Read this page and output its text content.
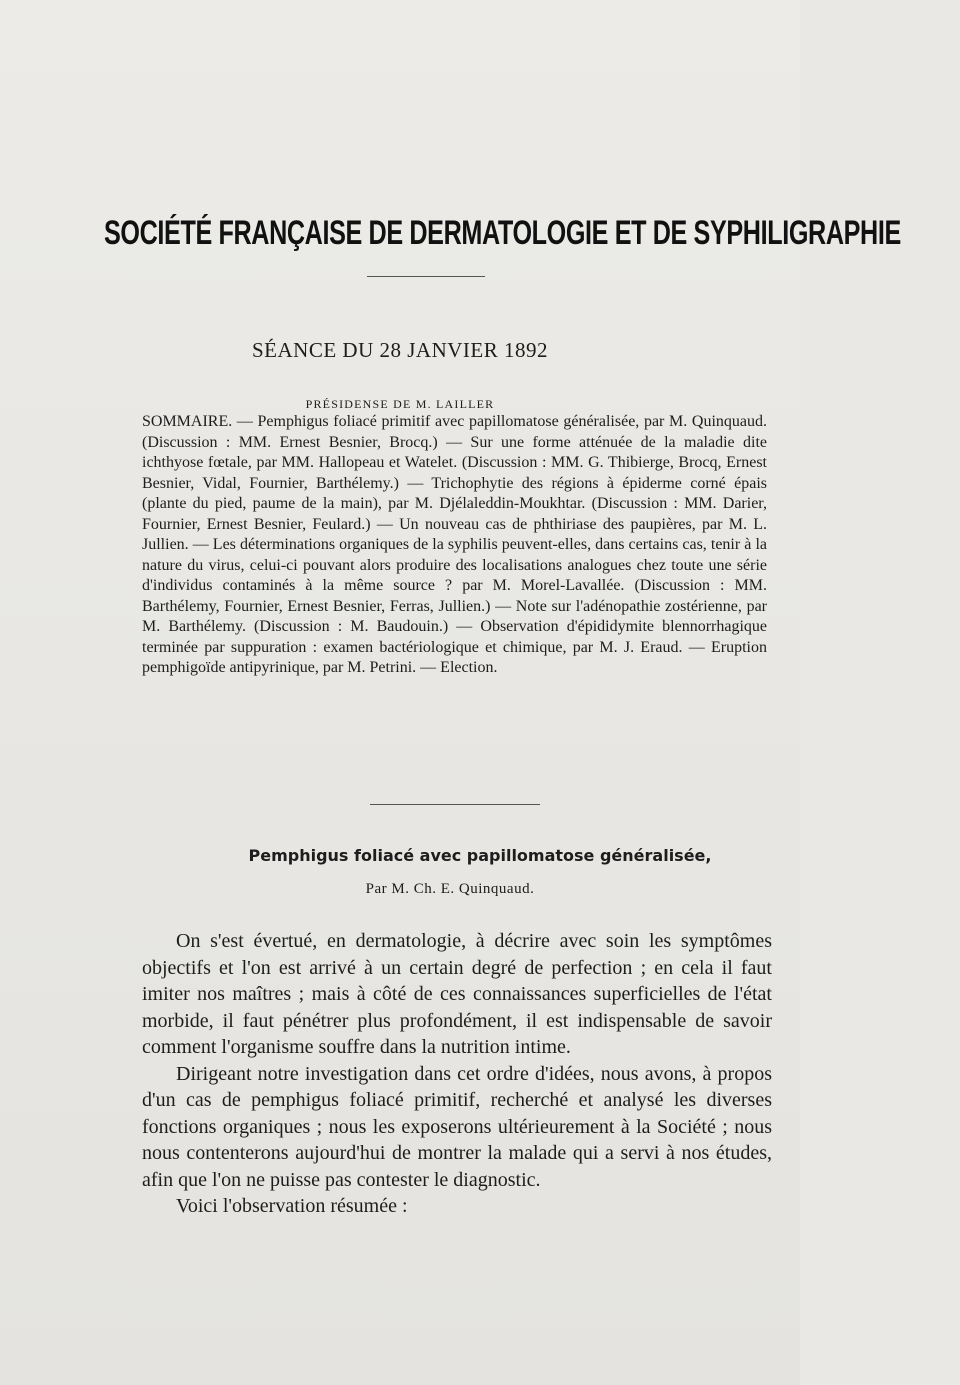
SOCIÉTÉ FRANÇAISE DE DERMATOLOGIE ET DE SYPHILIGRAPHIE
SÉANCE DU 28 JANVIER 1892
PRÉSIDENSE DE M. LAILLER

SOMMAIRE. — Pemphigus foliacé primitif avec papillomatose généralisée, par M. Quinquaud. (Discussion : MM. Ernest Besnier, Brocq.) — Sur une forme atténuée de la maladie dite ichthyose fœtale, par MM. Hallopeau et Watelet. (Discussion : MM. G. Thibierge, Brocq, Ernest Besnier, Vidal, Fournier, Barthélemy.) — Trichophytie des régions à épiderme corné épais (plante du pied, paume de la main), par M. Djélaleddin-Moukhtar. (Discussion : MM. Darier, Fournier, Ernest Besnier, Feulard.) — Un nouveau cas de phthiriase des paupières, par M. L. Jullien. — Les déterminations organiques de la syphilis peuvent-elles, dans certains cas, tenir à la nature du virus, celui-ci pouvant alors produire des localisations analogues chez toute une série d'individus contaminés à la même source ? par M. Morel-Lavallée. (Discussion : MM. Barthélemy, Fournier, Ernest Besnier, Ferras, Jullien.) — Note sur l'adénopathie zostérienne, par M. Barthélemy. (Discussion : M. Baudouin.) — Observation d'épididymite blennorrhagique terminée par suppuration : examen bactériologique et chimique, par M. J. Eraud. — Eruption pemphigoïde antipyrinique, par M. Petrini. — Election.

Pemphigus foliacé avec papillomatose généralisée,
Par M. Ch. E. Quinquaud.

On s'est évertué, en dermatologie, à décrire avec soin les symptômes objectifs et l'on est arrivé à un certain degré de perfection ; en cela il faut imiter nos maîtres ; mais à côté de ces connaissances superficielles de l'état morbide, il faut pénétrer plus profondément, il est indispensable de savoir comment l'organisme souffre dans la nutrition intime.

Dirigeant notre investigation dans cet ordre d'idées, nous avons, à propos d'un cas de pemphigus foliacé primitif, recherché et analysé les diverses fonctions organiques ; nous les exposerons ultérieurement à la Société ; nous nous contenterons aujourd'hui de montrer la malade qui a servi à nos études, afin que l'on ne puisse pas contester le diagnostic.

Voici l'observation résumée :
